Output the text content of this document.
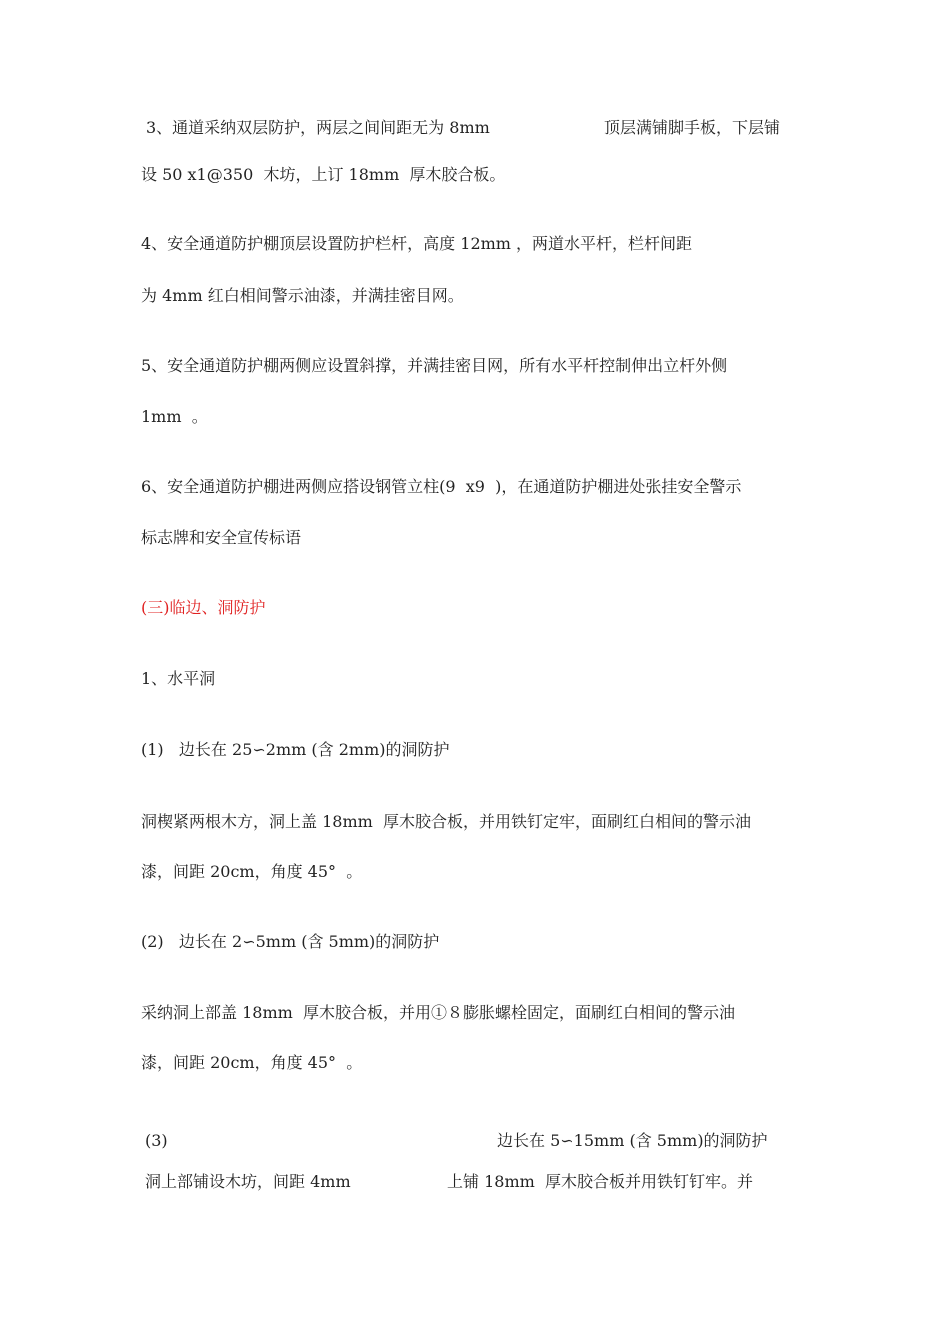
3、通道采纳双层防护，两层之间间距无为 8mm	顶层满铺脚手板，下层铺
设 50 x1@350  木坊，上订 18mm  厚木胶合板。
4、安全通道防护棚顶层设置防护栏杆，高度 12mm ，两道水平杆，栏杆间距
为 4mm 红白相间警示油漆，并满挂密目网。
5、安全通道防护棚两侧应设置斜撑，并满挂密目网，所有水平杆控制伸出立杆外侧
1mm  。
6、安全通道防护棚进两侧应搭设钢管立柱(9  x9  )，在通道防护棚进处张挂安全警示
标志牌和安全宣传标语
(三)临边、洞防护
1、水平洞
(1)   边长在 25∽2mm (含 2mm)的洞防护
洞楔紧两根木方，洞上盖 18mm  厚木胶合板，并用铁钉定牢，面刷红白相间的警示油
漆，间距 20cm，角度 45°  。
(2)   边长在 2∽5mm (含 5mm)的洞防护
采纳洞上部盖 18mm  厚木胶合板，并用①８膨胀螺栓固定，面刷红白相间的警示油
漆，间距 20cm，角度 45°  。
(3)	边长在 5∽15mm (含 5mm)的洞防护
洞上部铺设木坊，间距 4mm	上铺 18mm  厚木胶合板并用铁钉钉牢。并
